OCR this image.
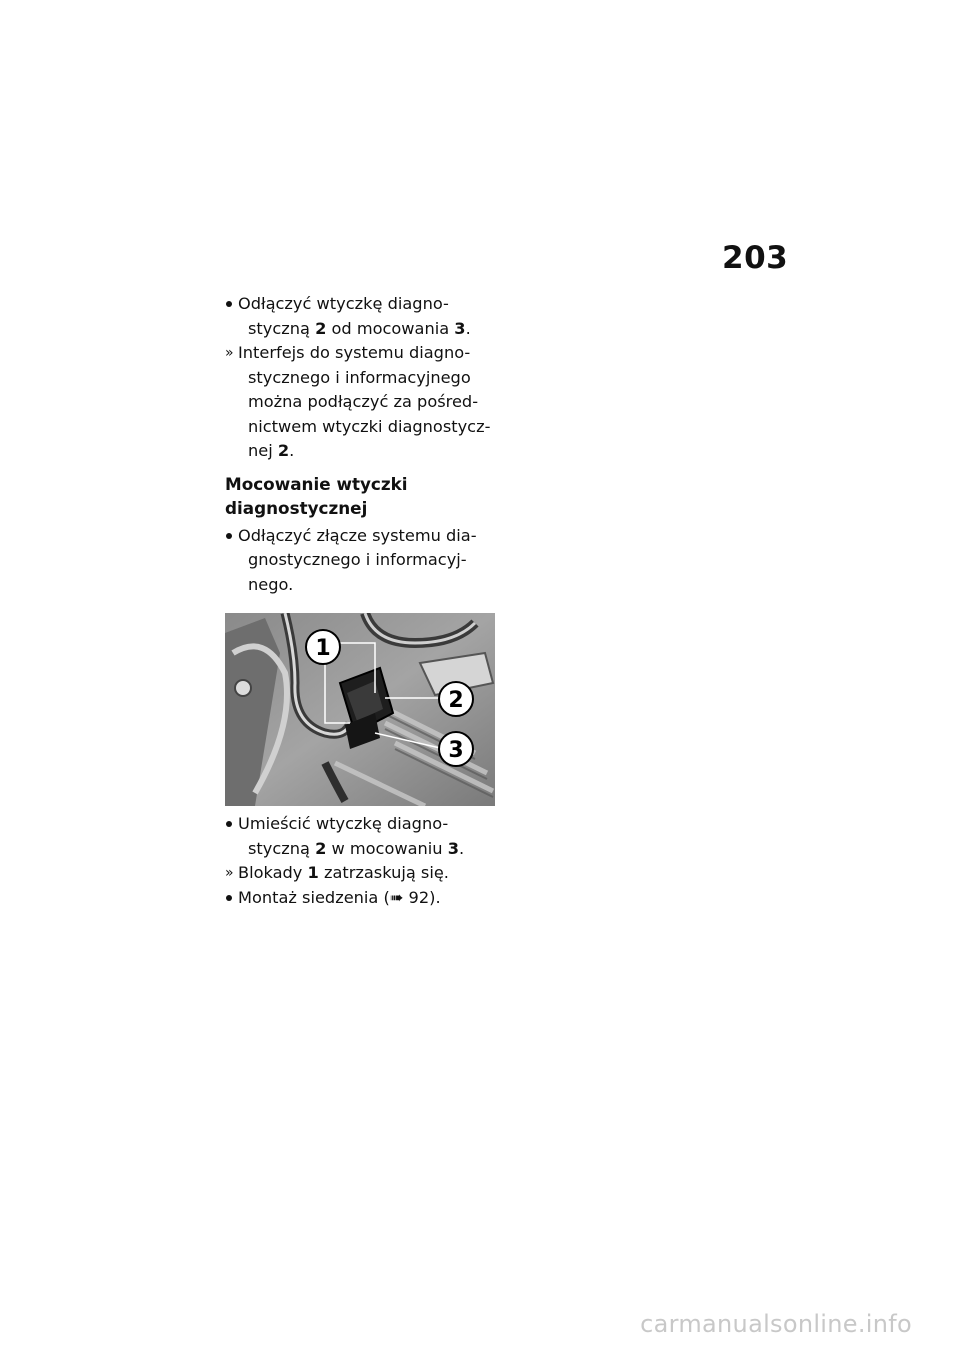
203
Odłączyć wtyczkę diagno-
styczną 2 od mocowania 3.
» Interfejs do systemu diagno-
stycznego i informacyjnego
można podłączyć za pośred-
nictwem wtyczki diagnostycz-
nej 2.
Mocowanie wtyczki
diagnostycznej
Odłączyć złącze systemu dia-
gnostycznego i informacyj-
nego.
1
2
3
Umieścić wtyczkę diagno-
styczną 2 w mocowaniu 3.
» Blokady 1 zatrzaskują się.
Montaż siedzenia (➠ 92).
carmanualsonline.info
